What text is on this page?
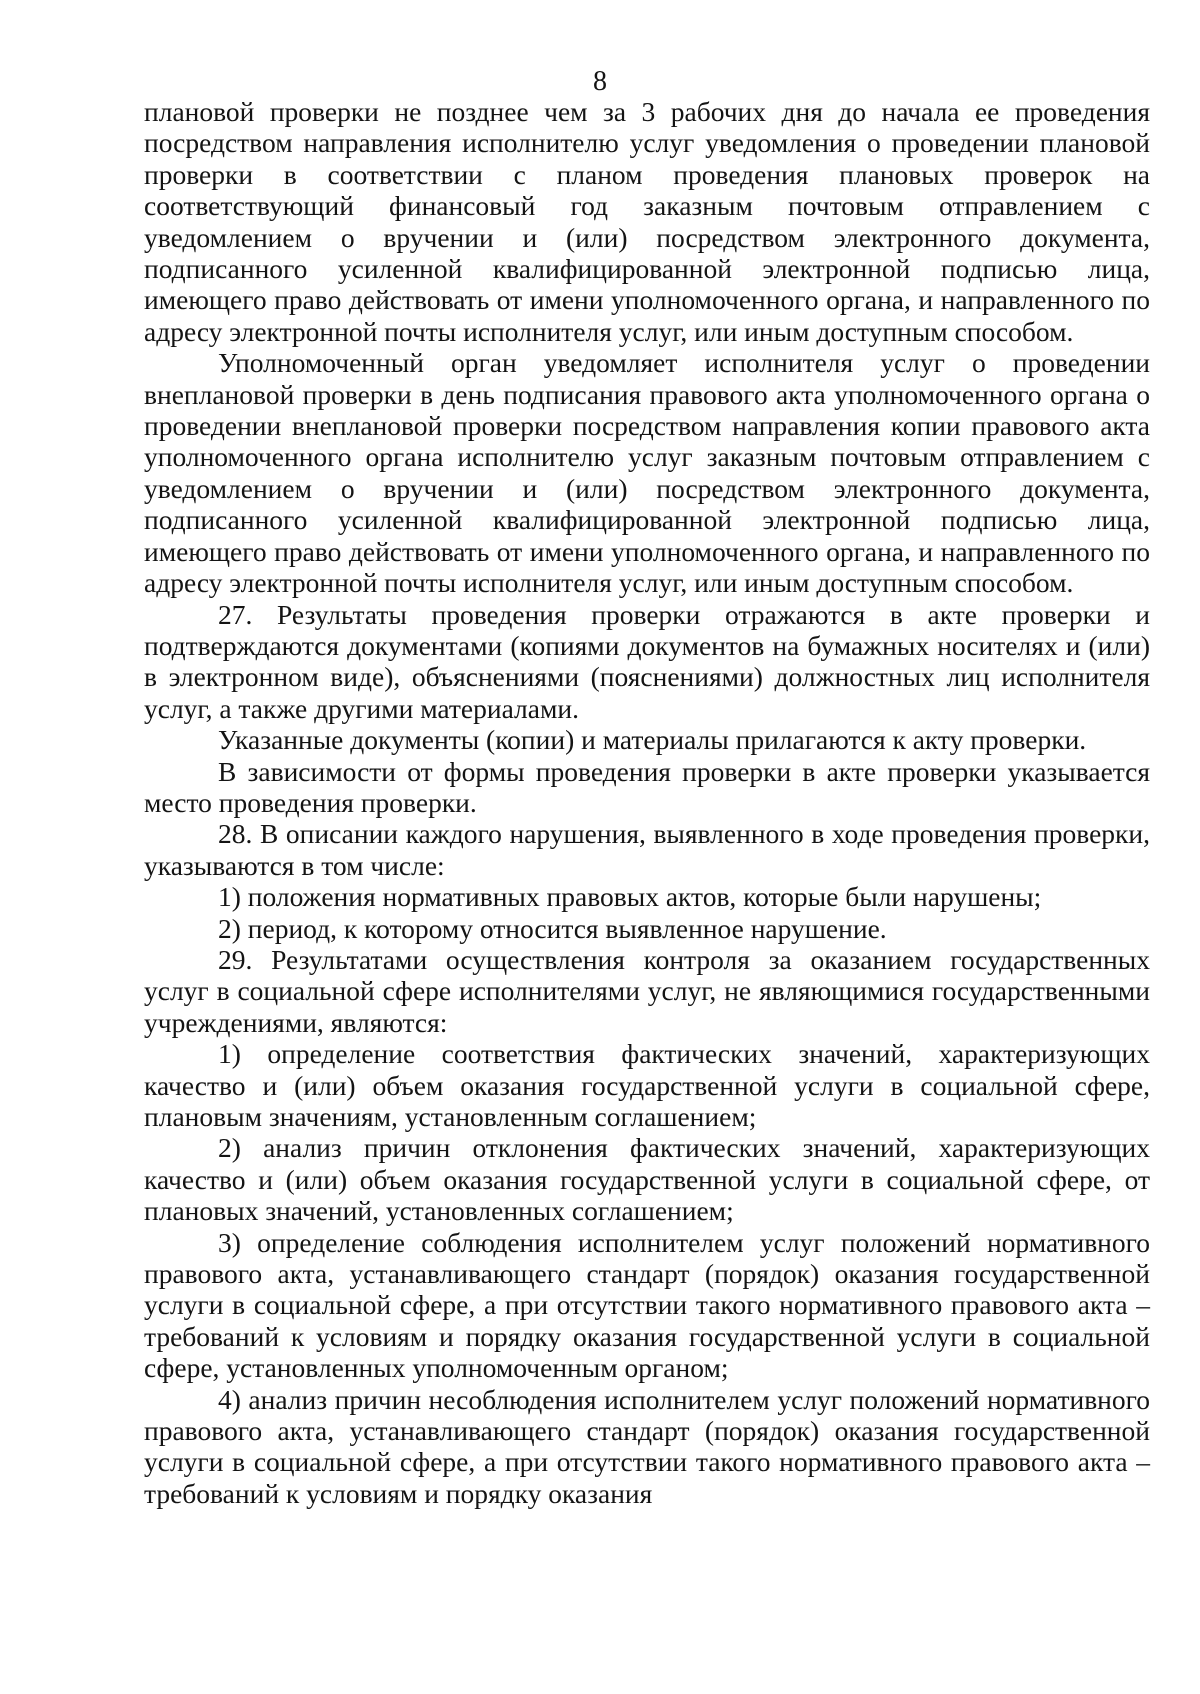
8

плановой проверки не позднее чем за 3 рабочих дня до начала ее проведения посредством направления исполнителю услуг уведомления о проведении плановой проверки в соответствии с планом проведения плановых проверок на соответствующий финансовый год заказным почтовым отправлением с уведомлением о вручении и (или) посредством электронного документа, подписанного усиленной квалифицированной электронной подписью лица, имеющего право действовать от имени уполномоченного органа, и направленного по адресу электронной почты исполнителя услуг, или иным доступным способом.

Уполномоченный орган уведомляет исполнителя услуг о проведении внеплановой проверки в день подписания правового акта уполномоченного органа о проведении внеплановой проверки посредством направления копии правового акта уполномоченного органа исполнителю услуг заказным почтовым отправлением с уведомлением о вручении и (или) посредством электронного документа, подписанного усиленной квалифицированной электронной подписью лица, имеющего право действовать от имени уполномоченного органа, и направленного по адресу электронной почты исполнителя услуг, или иным доступным способом.

27. Результаты проведения проверки отражаются в акте проверки и подтверждаются документами (копиями документов на бумажных носителях и (или) в электронном виде), объяснениями (пояснениями) должностных лиц исполнителя услуг, а также другими материалами.

Указанные документы (копии) и материалы прилагаются к акту проверки.

В зависимости от формы проведения проверки в акте проверки указывается место проведения проверки.

28. В описании каждого нарушения, выявленного в ходе проведения проверки, указываются в том числе:

1) положения нормативных правовых актов, которые были нарушены;

2) период, к которому относится выявленное нарушение.

29. Результатами осуществления контроля за оказанием государственных услуг в социальной сфере исполнителями услуг, не являющимися государственными учреждениями, являются:

1) определение соответствия фактических значений, характеризующих качество и (или) объем оказания государственной услуги в социальной сфере, плановым значениям, установленным соглашением;

2) анализ причин отклонения фактических значений, характеризующих качество и (или) объем оказания государственной услуги в социальной сфере, от плановых значений, установленных соглашением;

3) определение соблюдения исполнителем услуг положений нормативного правового акта, устанавливающего стандарт (порядок) оказания государственной услуги в социальной сфере, а при отсутствии такого нормативного правового акта – требований к условиям и порядку оказания государственной услуги в социальной сфере, установленных уполномоченным органом;

4) анализ причин несоблюдения исполнителем услуг положений нормативного правового акта, устанавливающего стандарт (порядок) оказания государственной услуги в социальной сфере, а при отсутствии такого нормативного правового акта – требований к условиям и порядку оказания
